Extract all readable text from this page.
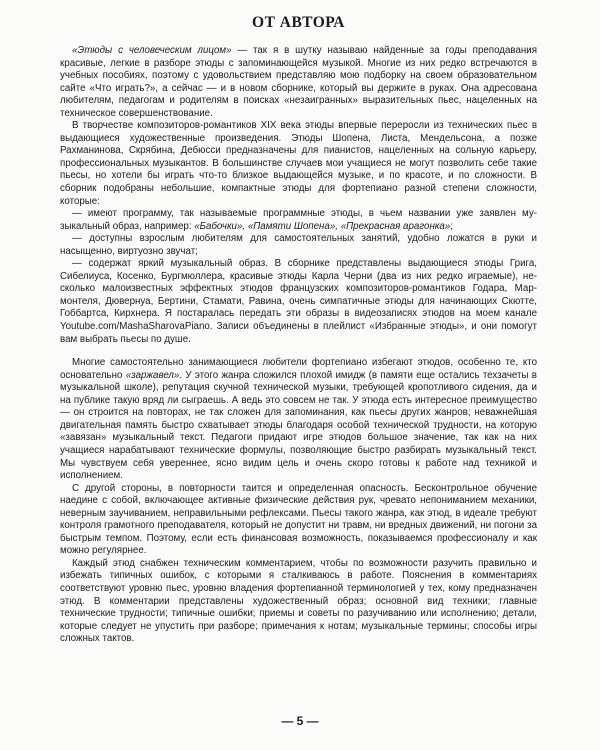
ОТ АВТОРА

«Этюды с человеческим лицом» — так я в шутку называю найденные за годы преподавания красивые, легкие в разборе этюды с запоминающейся музыкой. Многие из них редко встречаются в учебных пособиях, поэтому с удовольствием представляю мою подборку на своем образовательном сайте «Что играть?», а сейчас — и в новом сборнике, который вы держите в руках. Она адресована любителям, педагогам и родителям в поисках «незаигранных» выразительных пьес, нацеленных на техническое совершенствование.

В творчестве композиторов-романтиков XIX века этюды впервые переросли из технических пьес в выдающиеся художественные произведения. Этюды Шопена, Листа, Мендельсона, а позже Рахманинова, Скрябина, Дебюсси предназначены для пианистов, нацеленных на сольную карьеру, профессиональных музыкантов. В большинстве случаев мои учащиеся не могут позволить себе такие пьесы, но хотели бы играть что-то близкое выдающейся музыке, и по красоте, и по сложности. В сборник подобраны небольшие, компактные этюды для фортепиано разной степени сложности, которые:

— имеют программу, так называемые программные этюды, в чьем названии уже заявлен музыкальный образ, например: «Бабочки», «Памяти Шопена», «Прекрасная арагонка»;

— доступны взрослым любителям для самостоятельных занятий, удобно ложатся в руки и насыщенно, виртуозно звучат;

— содержат яркий музыкальный образ. В сборнике представлены выдающиеся этюды Грига, Сибелиуса, Косенко, Бургмюллера, красивые этюды Карла Черни (два из них редко играемые), несколько малоизвестных эффектных этюдов французских композиторов-романтиков Годара, Мармонтеля, Дювернуа, Бертини, Стамати, Равина, очень симпатичные этюды для начинающих Скютте, Гоббартса, Кирхнера. Я постаралась передать эти образы в видеозаписях этюдов на моем канале Youtube.com/MashaSharovaPiano. Записи объединены в плейлист «Избранные этюды», и они помогут вам выбрать пьесы по душе.

Многие самостоятельно занимающиеся любители фортепиано избегают этюдов, особенно те, кто основательно «заржавел». У этого жанра сложился плохой имидж (в памяти еще остались техзачеты в музыкальной школе), репутация скучной технической музыки, требующей кропотливого сидения, да и на публике такую вряд ли сыграешь. А ведь это совсем не так. У этюда есть интересное преимущество — он строится на повторах, не так сложен для запоминания, как пьесы других жанров; неважнейшая двигательная память быстро схватывает этюды благодаря особой технической трудности, на которую «завязан» музыкальный текст. Педагоги придают игре этюдов большое значение, так как на них учащиеся нарабатывают технические формулы, позволяющие быстро разбирать музыкальный текст. Мы чувствуем себя увереннее, ясно видим цель и очень скоро готовы к работе над техникой и исполнением.

С другой стороны, в повторности таится и определенная опасность. Бесконтрольное обучение наедине с собой, включающее активные физические действия рук, чревато непониманием механики, неверным заучиванием, неправильными рефлексами. Пьесы такого жанра, как этюд, в идеале требуют контроля грамотного преподавателя, который не допустит ни травм, ни вредных движений, ни погони за быстрым темпом. Поэтому, если есть финансовая возможность, показываемся профессионалу и как можно регулярнее.

Каждый этюд снабжен техническим комментарием, чтобы по возможности разучить правильно и избежать типичных ошибок, с которыми я сталкиваюсь в работе. Пояснения в комментариях соответствуют уровню пьес, уровню владения фортепианной терминологией у тех, кому предназначен этюд. В комментарии представлены художественный образ; основной вид техники; главные технические трудности; типичные ошибки; приемы и советы по разучиванию или исполнению; детали, которые следует не упустить при разборе; примечания к нотам; музыкальные термины; способы игры сложных тактов.

— 5 —
